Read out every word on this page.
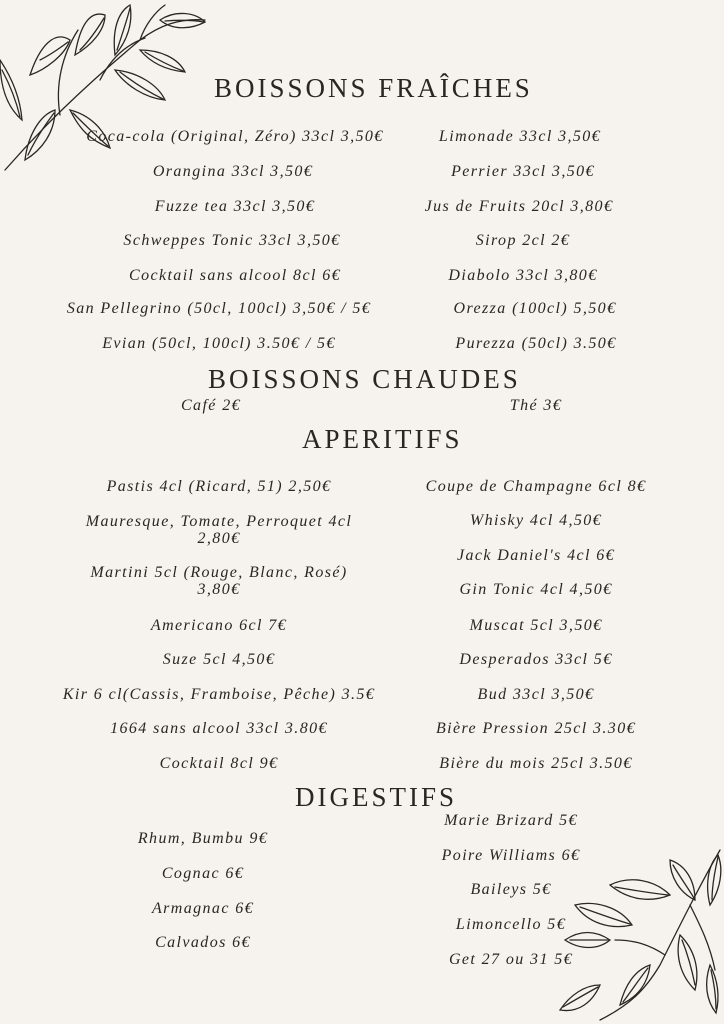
BOISSONS FRAÎCHES
Coca-cola (Original, Zéro) 33cl 3,50€
Orangina 33cl 3,50€
Fuzze tea 33cl 3,50€
Schweppes Tonic 33cl 3,50€
Cocktail sans alcool 8cl 6€
San Pellegrino (50cl, 100cl) 3,50€ / 5€
Evian (50cl, 100cl) 3.50€ / 5€
Limonade 33cl 3,50€
Perrier 33cl 3,50€
Jus de Fruits 20cl 3,80€
Sirop 2cl 2€
Diabolo 33cl 3,80€
Orezza (100cl) 5,50€
Purezza (50cl) 3.50€
BOISSONS CHAUDES
Café 2€	Thé 3€
APERITIFS
Pastis 4cl (Ricard, 51) 2,50€
Mauresque, Tomate, Perroquet 4cl 2,80€
Martini 5cl (Rouge, Blanc, Rosé) 3,80€
Americano 6cl 7€
Suze 5cl 4,50€
Kir 6 cl(Cassis, Framboise, Pêche) 3.5€
1664 sans alcool 33cl 3.80€
Cocktail 8cl 9€
Coupe de Champagne 6cl 8€
Whisky 4cl 4,50€
Jack Daniel's 4cl 6€
Gin Tonic 4cl 4,50€
Muscat 5cl 3,50€
Desperados 33cl 5€
Bud 33cl 3,50€
Bière Pression 25cl 3.30€
Bière du mois 25cl 3.50€
DIGESTIFS
Rhum, Bumbu 9€
Cognac 6€
Armagnac 6€
Calvados 6€
Marie Brizard 5€
Poire Williams 6€
Baileys 5€
Limoncello 5€
Get 27 ou 31 5€
